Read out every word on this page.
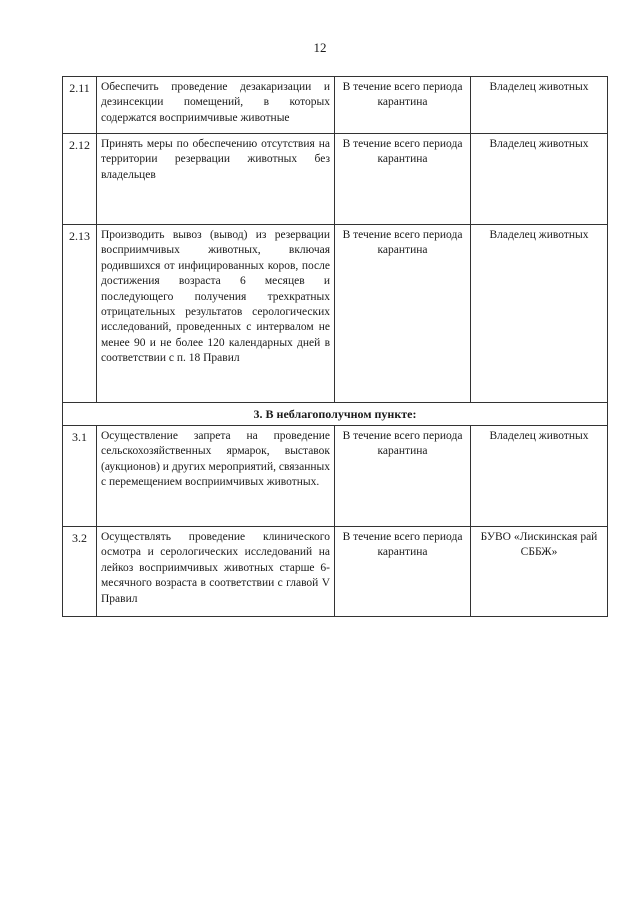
12
2.11	Обеспечить проведение дезакаризации и дезинсекции помещений, в которых содержатся восприимчивые животные	В течение всего периода карантина	Владелец животных
2.12	Принять меры по обеспечению отсутствия на территории резервации животных без владельцев	В течение всего периода карантина	Владелец животных
2.13	Производить вывоз (вывод) из резервации восприимчивых животных, включая родившихся от инфицированных коров, после достижения возраста 6 месяцев и последующего получения трехкратных отрицательных результатов серологических исследований, проведенных с интервалом не менее 90 и не более 120 календарных дней в соответствии с п. 18 Правил	В течение всего периода карантина	Владелец животных
3. В неблагополучном пункте:			
3.1	Осуществление запрета на проведение сельскохозяйственных ярмарок, выставок (аукционов) и других мероприятий, связанных с перемещением восприимчивых животных.	В течение всего периода карантина	Владелец животных
3.2	Осуществлять проведение клинического осмотра и серологических исследований на лейкоз восприимчивых животных старше 6-месячного возраста в соответствии с главой V Правил	В течение всего периода карантина	БУВО «Лискинская рай СББЖ»
